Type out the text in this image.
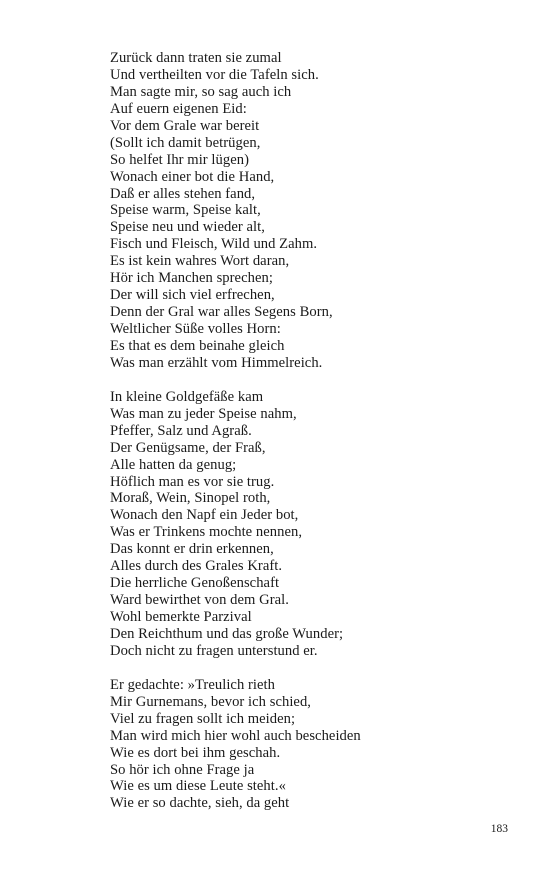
Zurück dann traten sie zumal
Und vertheilten vor die Tafeln sich.
Man sagte mir, so sag auch ich
Auf euern eigenen Eid:
Vor dem Grale war bereit
(Sollt ich damit betrügen,
So helfet Ihr mir lügen)
Wonach einer bot die Hand,
Daß er alles stehen fand,
Speise warm, Speise kalt,
Speise neu und wieder alt,
Fisch und Fleisch, Wild und Zahm.
Es ist kein wahres Wort daran,
Hör ich Manchen sprechen;
Der will sich viel erfrechen,
Denn der Gral war alles Segens Born,
Weltlicher Süße volles Horn:
Es that es dem beinahe gleich
Was man erzählt vom Himmelreich.
In kleine Goldgefäße kam
Was man zu jeder Speise nahm,
Pfeffer, Salz und Agraß.
Der Genügsame, der Fraß,
Alle hatten da genug;
Höflich man es vor sie trug.
Moraß, Wein, Sinopel roth,
Wonach den Napf ein Jeder bot,
Was er Trinkens mochte nennen,
Das konnt er drin erkennen,
Alles durch des Grales Kraft.
Die herrliche Genoßenschaft
Ward bewirthet von dem Gral.
Wohl bemerkte Parzival
Den Reichthum und das große Wunder;
Doch nicht zu fragen unterstund er.
Er gedachte: »Treulich rieth
Mir Gurnemans, bevor ich schied,
Viel zu fragen sollt ich meiden;
Man wird mich hier wohl auch bescheiden
Wie es dort bei ihm geschah.
So hör ich ohne Frage ja
Wie es um diese Leute steht.«
Wie er so dachte, sieh, da geht
183
